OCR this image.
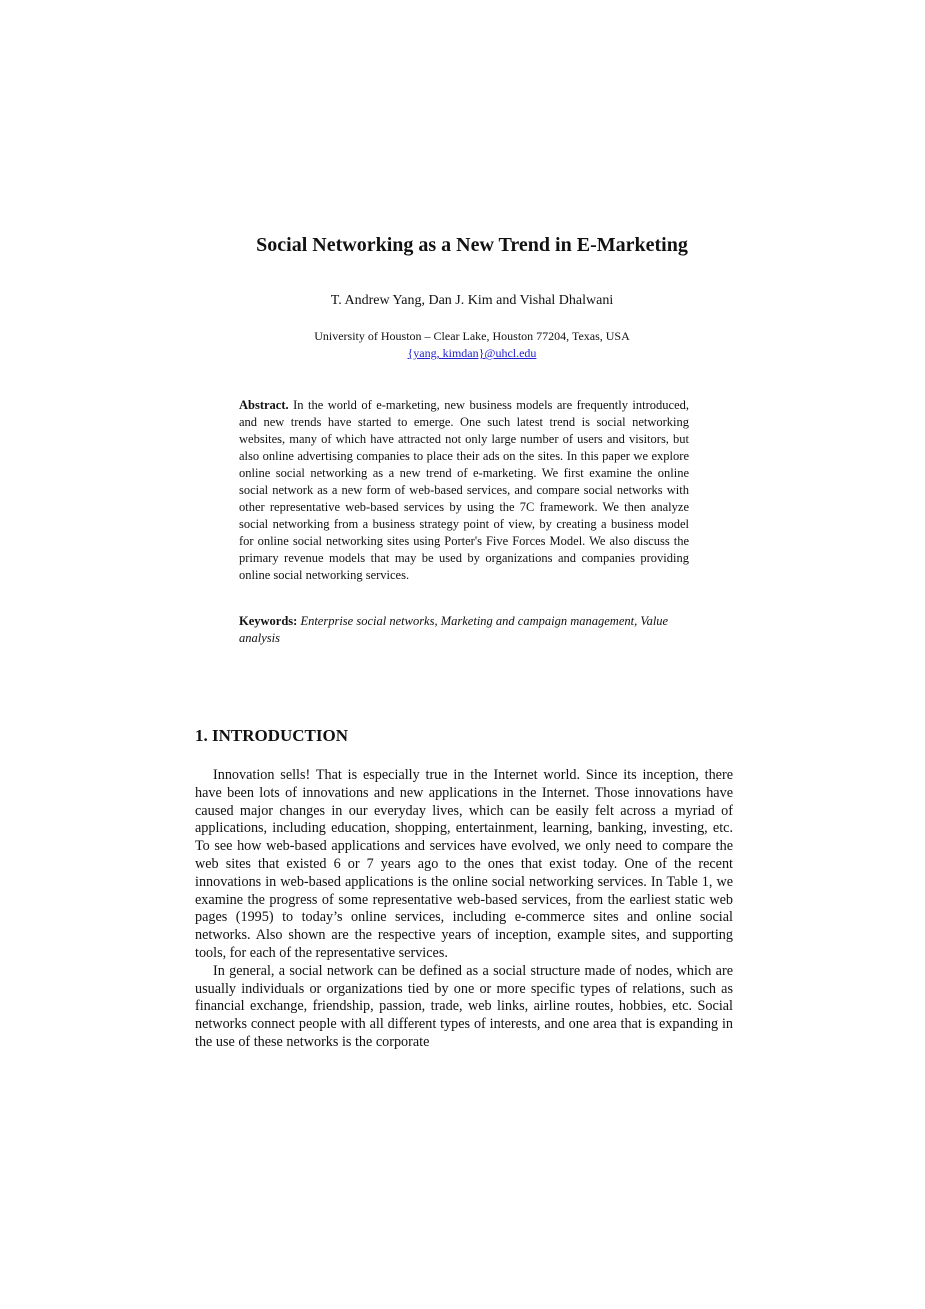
Social Networking as a New Trend in E-Marketing
T. Andrew Yang, Dan J. Kim and Vishal Dhalwani
University of Houston – Clear Lake, Houston 77204, Texas, USA
{yang, kimdan}@uhcl.edu

Abstract. In the world of e-marketing, new business models are frequently introduced, and new trends have started to emerge. One such latest trend is social networking websites, many of which have attracted not only large number of users and visitors, but also online advertising companies to place their ads on the sites. In this paper we explore online social networking as a new trend of e-marketing. We first examine the online social network as a new form of web-based services, and compare social networks with other representative web-based services by using the 7C framework. We then analyze social networking from a business strategy point of view, by creating a business model for online social networking sites using Porter's Five Forces Model. We also discuss the primary revenue models that may be used by organizations and companies providing online social networking services.

Keywords: Enterprise social networks, Marketing and campaign management, Value analysis

1. INTRODUCTION

Innovation sells! That is especially true in the Internet world. Since its inception, there have been lots of innovations and new applications in the Internet. Those innovations have caused major changes in our everyday lives, which can be easily felt across a myriad of applications, including education, shopping, entertainment, learning, banking, investing, etc. To see how web-based applications and services have evolved, we only need to compare the web sites that existed 6 or 7 years ago to the ones that exist today. One of the recent innovations in web-based applications is the online social networking services. In Table 1, we examine the progress of some representative web-based services, from the earliest static web pages (1995) to today’s online services, including e-commerce sites and online social networks. Also shown are the respective years of inception, example sites, and supporting tools, for each of the representative services.

In general, a social network can be defined as a social structure made of nodes, which are usually individuals or organizations tied by one or more specific types of relations, such as financial exchange, friendship, passion, trade, web links, airline routes, hobbies, etc. Social networks connect people with all different types of interests, and one area that is expanding in the use of these networks is the corporate
